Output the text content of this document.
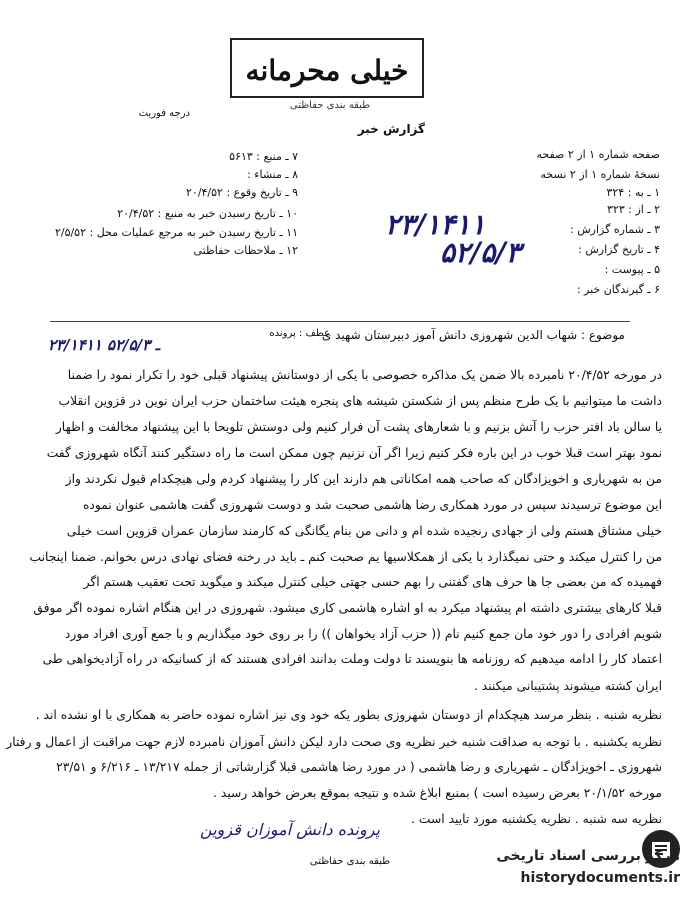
خیلی محرمانه
طبقه بندی حفاظتی
درجه فوریت
گزارش خبر
۷ ـ منبع : ۵۶۱۳
۸ ـ منشاء :
۹ ـ تاریخ وقوع : ۲۰/۴/۵۲
۱۰ ـ تاریخ رسیدن خبر به منبع : ۲۰/۴/۵۲
۱۱ ـ تاریخ رسیدن خبر به مرجع عملیات محل : ۲/۵/۵۲
۱۲ ـ ملاحظات حفاظتی
صفحه شماره ۱ از ۲ صفحه
نسخهٔ شماره ۱ از ۲ نسخه
۱ ـ به : ۳۲۴
۲ ـ از : ۳۲۳
۳ ـ شماره گزارش :
۴ ـ تاریخ گزارش :
۵ ـ پیوست :
۶ ـ گیرندگان خبر :
۲۳/۱۴۱۱
۵۲/۵/۳
موضوع : شهاب الدین شهروزی دانش آموز دبیرستان شهید ی
عطف : پرونده
۲۳/۱۴۱۱ ـ ۵۲/۵/۳
در مورخه ۲۰/۴/۵۲ نامبرده بالا ضمن یک مذاکره خصوصی با یکی از دوستانش پیشنهاد قبلی خود را تکرار نمود را ضمنا
داشت ما میتوانیم با یک طرح منظم پس از شکستن شیشه های پنجره هیئت ساختمان حزب ایران نوین در قزوین انقلاب
یا سالن باد افتر حزب را آتش بزنیم و با شعارهای پشت آن فرار کنیم ولی دوستش تلویحا با این پیشنهاد مخالفت و اظهار
نمود بهتر است قبلا خوب در این باره فکر کنیم زیرا اگر آن نزنیم چون ممکن است ما راه دستگیر کنند آنگاه شهروزی گفت
من به شهریاری و اخویزادگان که صاحب همه امکاناتی هم دارند این کار را پیشنهاد کردم ولی هیچکدام قبول نکردند واز
این موضوع ترسیدند سپس در مورد همکاری رضا هاشمی صحبت شد و دوست شهروزی گفت هاشمی عنوان نموده
خیلی مشتاق هستم ولی از جهادی رنجیده شده ام و دانی من بنام یگانگی که کارمند سازمان عمران قزوین است خیلی
من را کنترل میکند و حتی نمیگذارد با یکی از همکلاسیها یم صحبت کنم ـ باید در رخنه فضای نهادی درس بخوانم. ضمنا اینجانب
فهمیده که من بعضی جا ها حرف های گفتنی را بهم حسی جهتی خیلی کنترل میکند و میگوید تحت تعقیب هستم اگر
قبلا کارهای بیشتری داشته ام پیشنهاد میکرد به او اشاره هاشمی کاری میشود. شهروزی در این هنگام اشاره نموده اگر موفق
شویم افرادی را دور خود مان جمع کنیم نام (( حزب آزاد یخواهان )) را بر روی خود میگذاریم و با جمع آوری افراد مورد
اعتماد کار را ادامه میدهیم که روزنامه ها بنویسند تا دولت وملت بدانند افرادی هستند که از کسانیکه در راه آزادیخواهی طی
ایران کشته میشوند پشتیبانی میکنند .
نظریه شنبه . بنظر مرسد هیچکدام از دوستان شهروزی بطور یکه خود وی نیز اشاره نموده حاضر به همکاری با او نشده اند .
نظریه یکشنبه . با توجه به صداقت شنبه خبر نظریه وی صحت دارد لیکن دانش آموزان نامبرده لازم جهت مراقبت از اعمال و رفتار
شهروزی ـ اخویزادگان ـ شهریاری و رضا هاشمی ( در مورد رضا هاشمی قبلا گزارشاتی از جمله ۱۳/۲۱۷ ـ ۶/۲۱۶ و ۲۳/۵۱
مورخه ۲۰/۱/۵۲ بعرض رسیده است ) بمنبع ابلاغ شده و نتیجه بموقع بعرض خواهد رسید .
نظریه سه شنبه . نظریه یکشنبه مورد تایید است .
پرونده دانش آموزان قزوین
طبقه بندی حفاظتی	مرکز بررسی اسناد تاریخی
historydocuments.ir
